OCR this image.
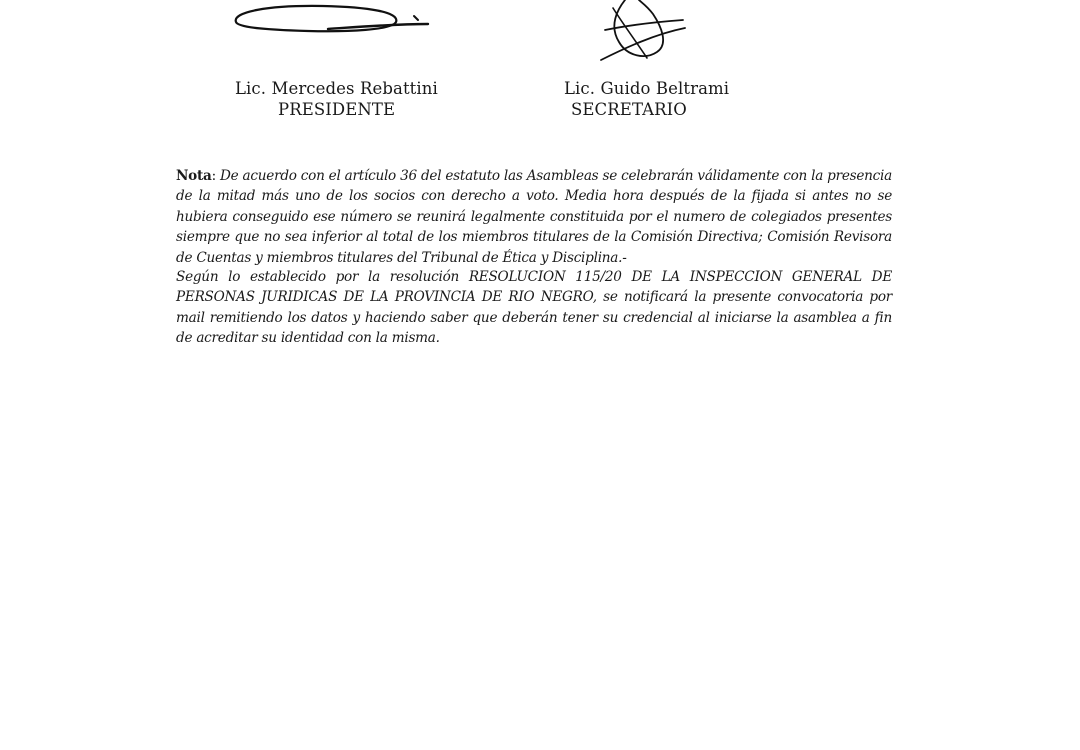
Lic. Mercedes Rebattini
PRESIDENTE
Lic. Guido Beltrami
SECRETARIO
Nota: De acuerdo con el artículo 36 del estatuto las Asambleas se celebrarán válidamente con la presencia de la mitad más uno de los socios con derecho a voto. Media hora después de la fijada si antes no se hubiera conseguido ese número se reunirá legalmente constituida por el numero de colegiados presentes siempre que no sea inferior al total de los miembros titulares de la Comisión Directiva; Comisión Revisora de Cuentas y miembros titulares del Tribunal de Ética y Disciplina.-
Según lo establecido por la resolución RESOLUCION 115/20 DE LA INSPECCION GENERAL DE PERSONAS JURIDICAS DE LA PROVINCIA DE RIO NEGRO, se notificará la presente convocatoria por mail remitiendo los datos y haciendo saber que deberán tener su credencial al iniciarse la asamblea a fin de acreditar su identidad con la misma.
